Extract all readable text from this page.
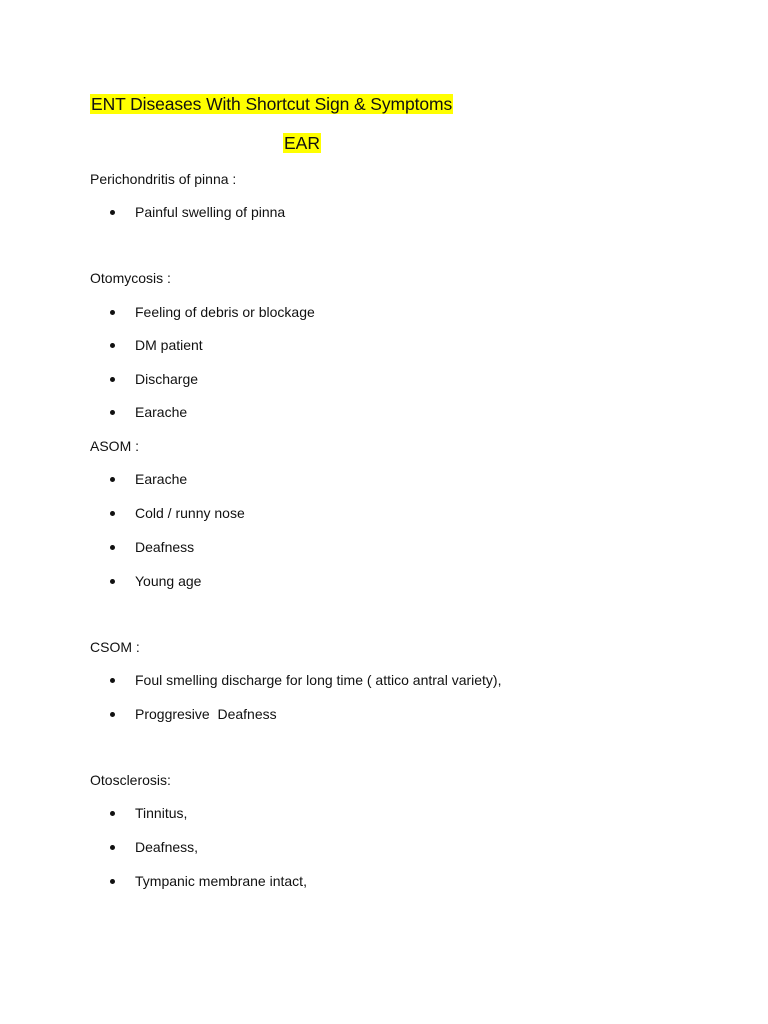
ENT Diseases With Shortcut Sign & Symptoms
EAR
Perichondritis of pinna :

Painful swelling of pinna

Otomycosis :

Feeling of debris or blockage

DM patient

Discharge

Earache

ASOM :

Earache

Cold / runny nose

Deafness

Young age

CSOM :

Foul smelling discharge for long time ( attico antral variety),

Proggresive  Deafness

Otosclerosis:

Tinnitus,

Deafness,

Tympanic membrane intact,
